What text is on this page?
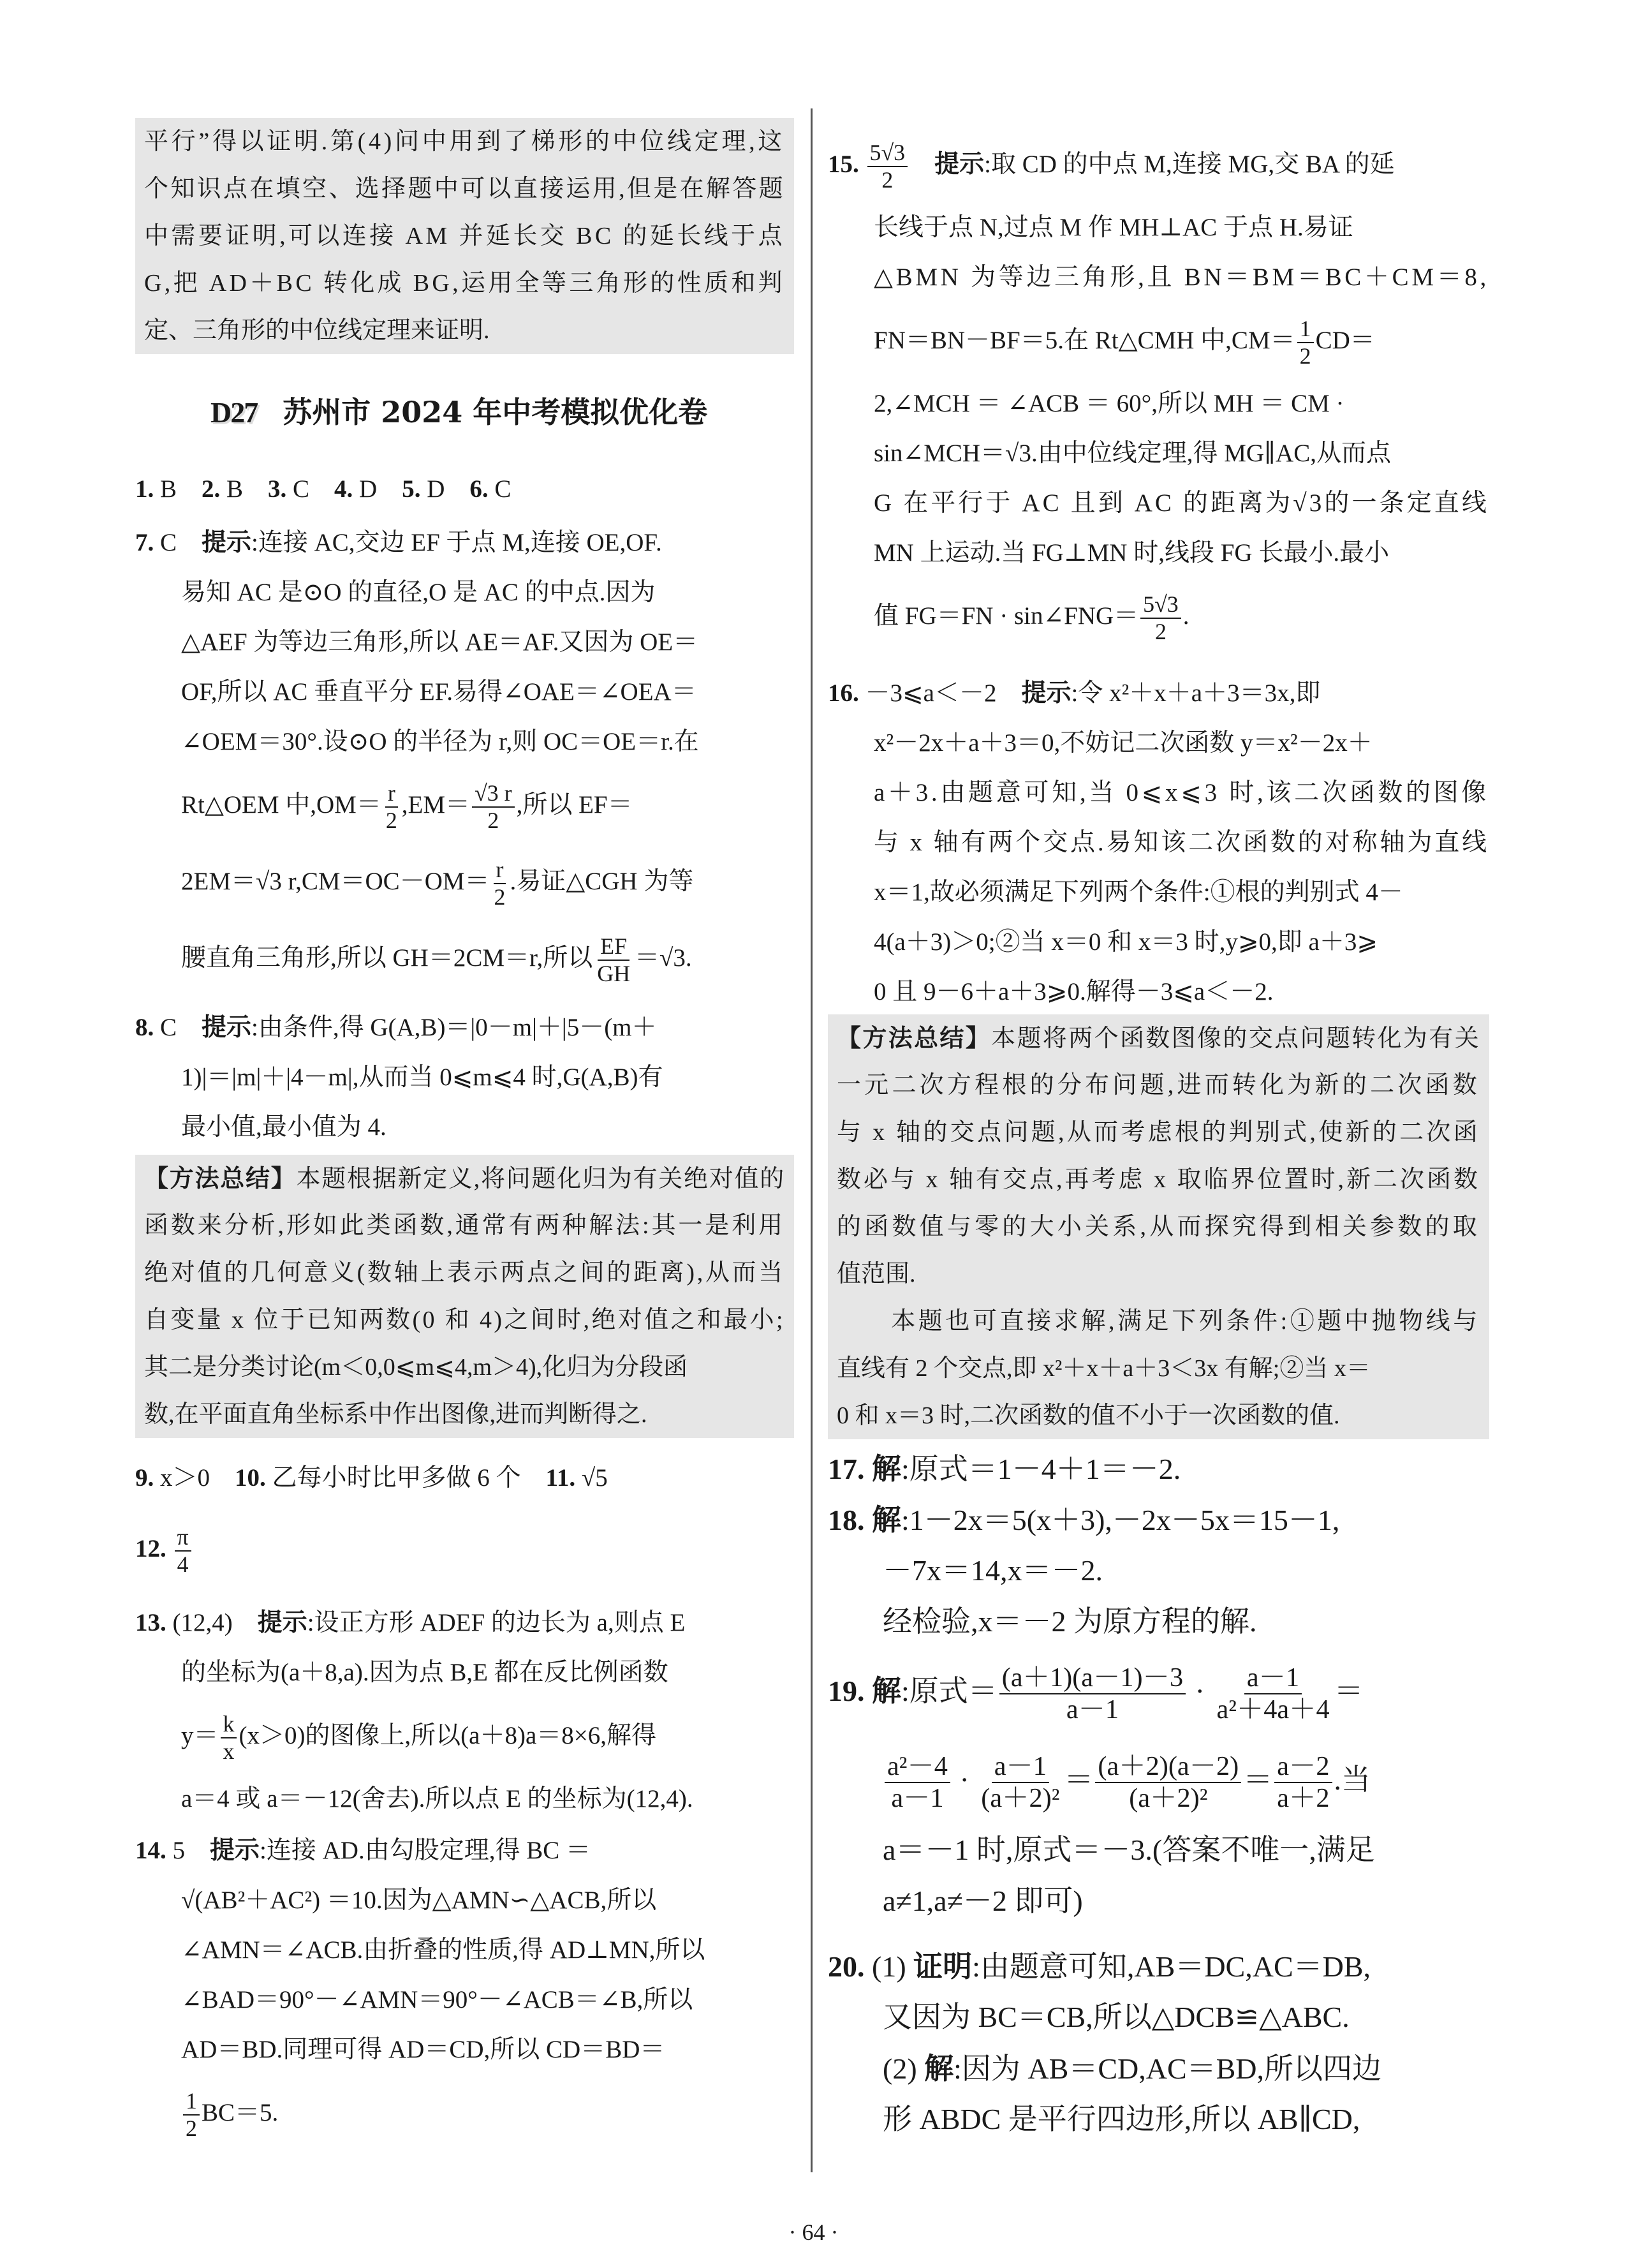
D27 苏州市 2024 年中考模拟优化卷
平行”得以证明.第(4)问中用到了梯形的中位线定理,这
个知识点在填空、选择题中可以直接运用,但是在解答题
中需要证明,可以连接 AM 并延长交 BC 的延长线于点
G,把 AD＋BC 转化成 BG,运用全等三角形的性质和判
定、三角形的中位线定理来证明.
1. B　2. B　3. C　4. D　5. D　6. C
7. C　提示:连接 AC,交边 EF 于点 M,连接 OE,OF.
易知 AC 是⊙O 的直径,O 是 AC 的中点.因为
△AEF 为等边三角形,所以 AE＝AF.又因为 OE＝
OF,所以 AC 垂直平分 EF.易得∠OAE＝∠OEA＝
∠OEM＝30°.设⊙O 的半径为 r,则 OC＝OE＝r.在
Rt△OEM 中$,OM= \frac{r}{2} ,EM= \frac{√3 r}{2}$ ,所以 EF＝
2EM＝√3 $r,CM=OC-OM= \frac{r}{2}$ .易证△CGH 为等
腰直角三角形,所以 GH＝2CM＝r,所以 $\frac{EF}{GH} =√3$.
8. C　提示:由条件,得 G(A,B)＝|0－m|＋|5－(m＋
1)|＝|m|＋|4－m|,从而当 0⩽m⩽4 时,G(A,B)有
最小值,最小值为 4.
【方法总结】本题根据新定义,将问题化归为有关绝对值的
函数来分析,形如此类函数,通常有两种解法:其一是利用
绝对值的几何意义(数轴上表示两点之间的距离),从而当
自变量 x 位于已知两数(0 和 4)之间时,绝对值之和最小;
其二是分类讨论(m＜0,0⩽m⩽4,m＞4),化归为分段函
数,在平面直角坐标系中作出图像,进而判断得之.
9. x＞0　10. 乙每小时比甲多做 6 个　11. √5
12. $\frac{\pi}{4}$
13. (12,4)　提示:设正方形 ADEF 的边长为 a,则点 E
的坐标为(a＋8,a).因为点 B,E 都在反比例函数
$y= \frac{k}{x} (x>0)$的图像上,所以(a＋8)a＝8×6,解得
a＝4 或 a＝－12(舍去).所以点 E 的坐标为(12,4).
14. 5　提示:连接 AD.由勾股定理,得 BC ＝
√(AB²＋AC²) ＝10.因为△AMN∽△ACB,所以
∠AMN＝∠ACB.由折叠的性质,得 AD⊥MN,所以
∠BAD＝90°－∠AMN＝90°－∠ACB＝∠B,所以
AD＝BD.同理可得 AD＝CD,所以 CD＝BD＝
$\frac{1}{2} BC=5$.
15. $\frac{5√3}{2}$
　 提示:取 CD 的中点 M,连接 MG,交 BA 的延
长线于点 N,过点 M 作 MH⊥AC 于点 H.易证
△BMN 为等边三角形,且 BN＝BM＝BC＋CM＝8,
FN＝BN－BF＝5.在 Rt△CMH 中$,CM= \frac{1}{2} CD=$
2,∠MCH ＝ ∠ACB ＝ 60°,所以 MH ＝ CM ·
sin∠MCH＝√3.由中位线定理,得 MG∥AC,从而点
G 在平行于 AC 且到 AC 的距离为√3的一条定直线
MN 上运动.当 FG⊥MN 时,线段 FG 长最小.最小
值 FG＝FN · sin∠FNG＝ $\frac{5√3}{2}$ .
16. －3⩽a＜－2　提示:令 x²＋x＋a＋3＝3x,即
x²－2x＋a＋3＝0,不妨记二次函数 y＝x²－2x＋
a＋3.由题意可知,当 0⩽x⩽3 时,该二次函数的图像
与 x 轴有两个交点.易知该二次函数的对称轴为直线
x＝1,故必须满足下列两个条件:①根的判别式 4－
4(a＋3)＞0;②当 x＝0 和 x＝3 时,y⩾0,即 a＋3⩾
0 且 9－6＋a＋3⩾0.解得－3⩽a＜－2.
【方法总结】本题将两个函数图像的交点问题转化为有关
一元二次方程根的分布问题,进而转化为新的二次函数
与 x 轴的交点问题,从而考虑根的判别式,使新的二次函
数必与 x 轴有交点,再考虑 x 取临界位置时,新二次函数
的函数值与零的大小关系,从而探究得到相关参数的取
值范围.
　　本题也可直接求解,满足下列条件:①题中抛物线与
直线有 2 个交点,即 x²＋x＋a＋3＜3x 有解;②当 x＝
0 和 x＝3 时,二次函数的值不小于一次函数的值.
17. 解:原式＝1－4＋1＝－2.
18. 解:1－2x＝5(x＋3),－2x－5x＝15－1,
－7x＝14,x＝－2.
经检验,x＝－2 为原方程的解.
19. 解:原式＝ $\frac{(a+1)(a-1)-3}{a-1} \cdot \frac{a-1}{\text{a²＋4a＋4}}$ ＝
$\frac{\text{a²－4}}{a-1} \cdot \frac{a-1}{\text{(a＋2)²}} = \frac{(a+2)(a-2)}{\text{(a＋2)²}} = \frac{a-2}{a+2}$ .当
a＝－1 时,原式＝－3.(答案不唯一,满足
a≠1,a≠－2 即可)
20. (1) 证明:由题意可知,AB＝DC,AC＝DB,
又因为 BC＝CB,所以△DCB≌△ABC.
(2) 解:因为 AB＝CD,AC＝BD,所以四边
形 ABDC 是平行四边形,所以 AB∥CD,
· 64 ·
